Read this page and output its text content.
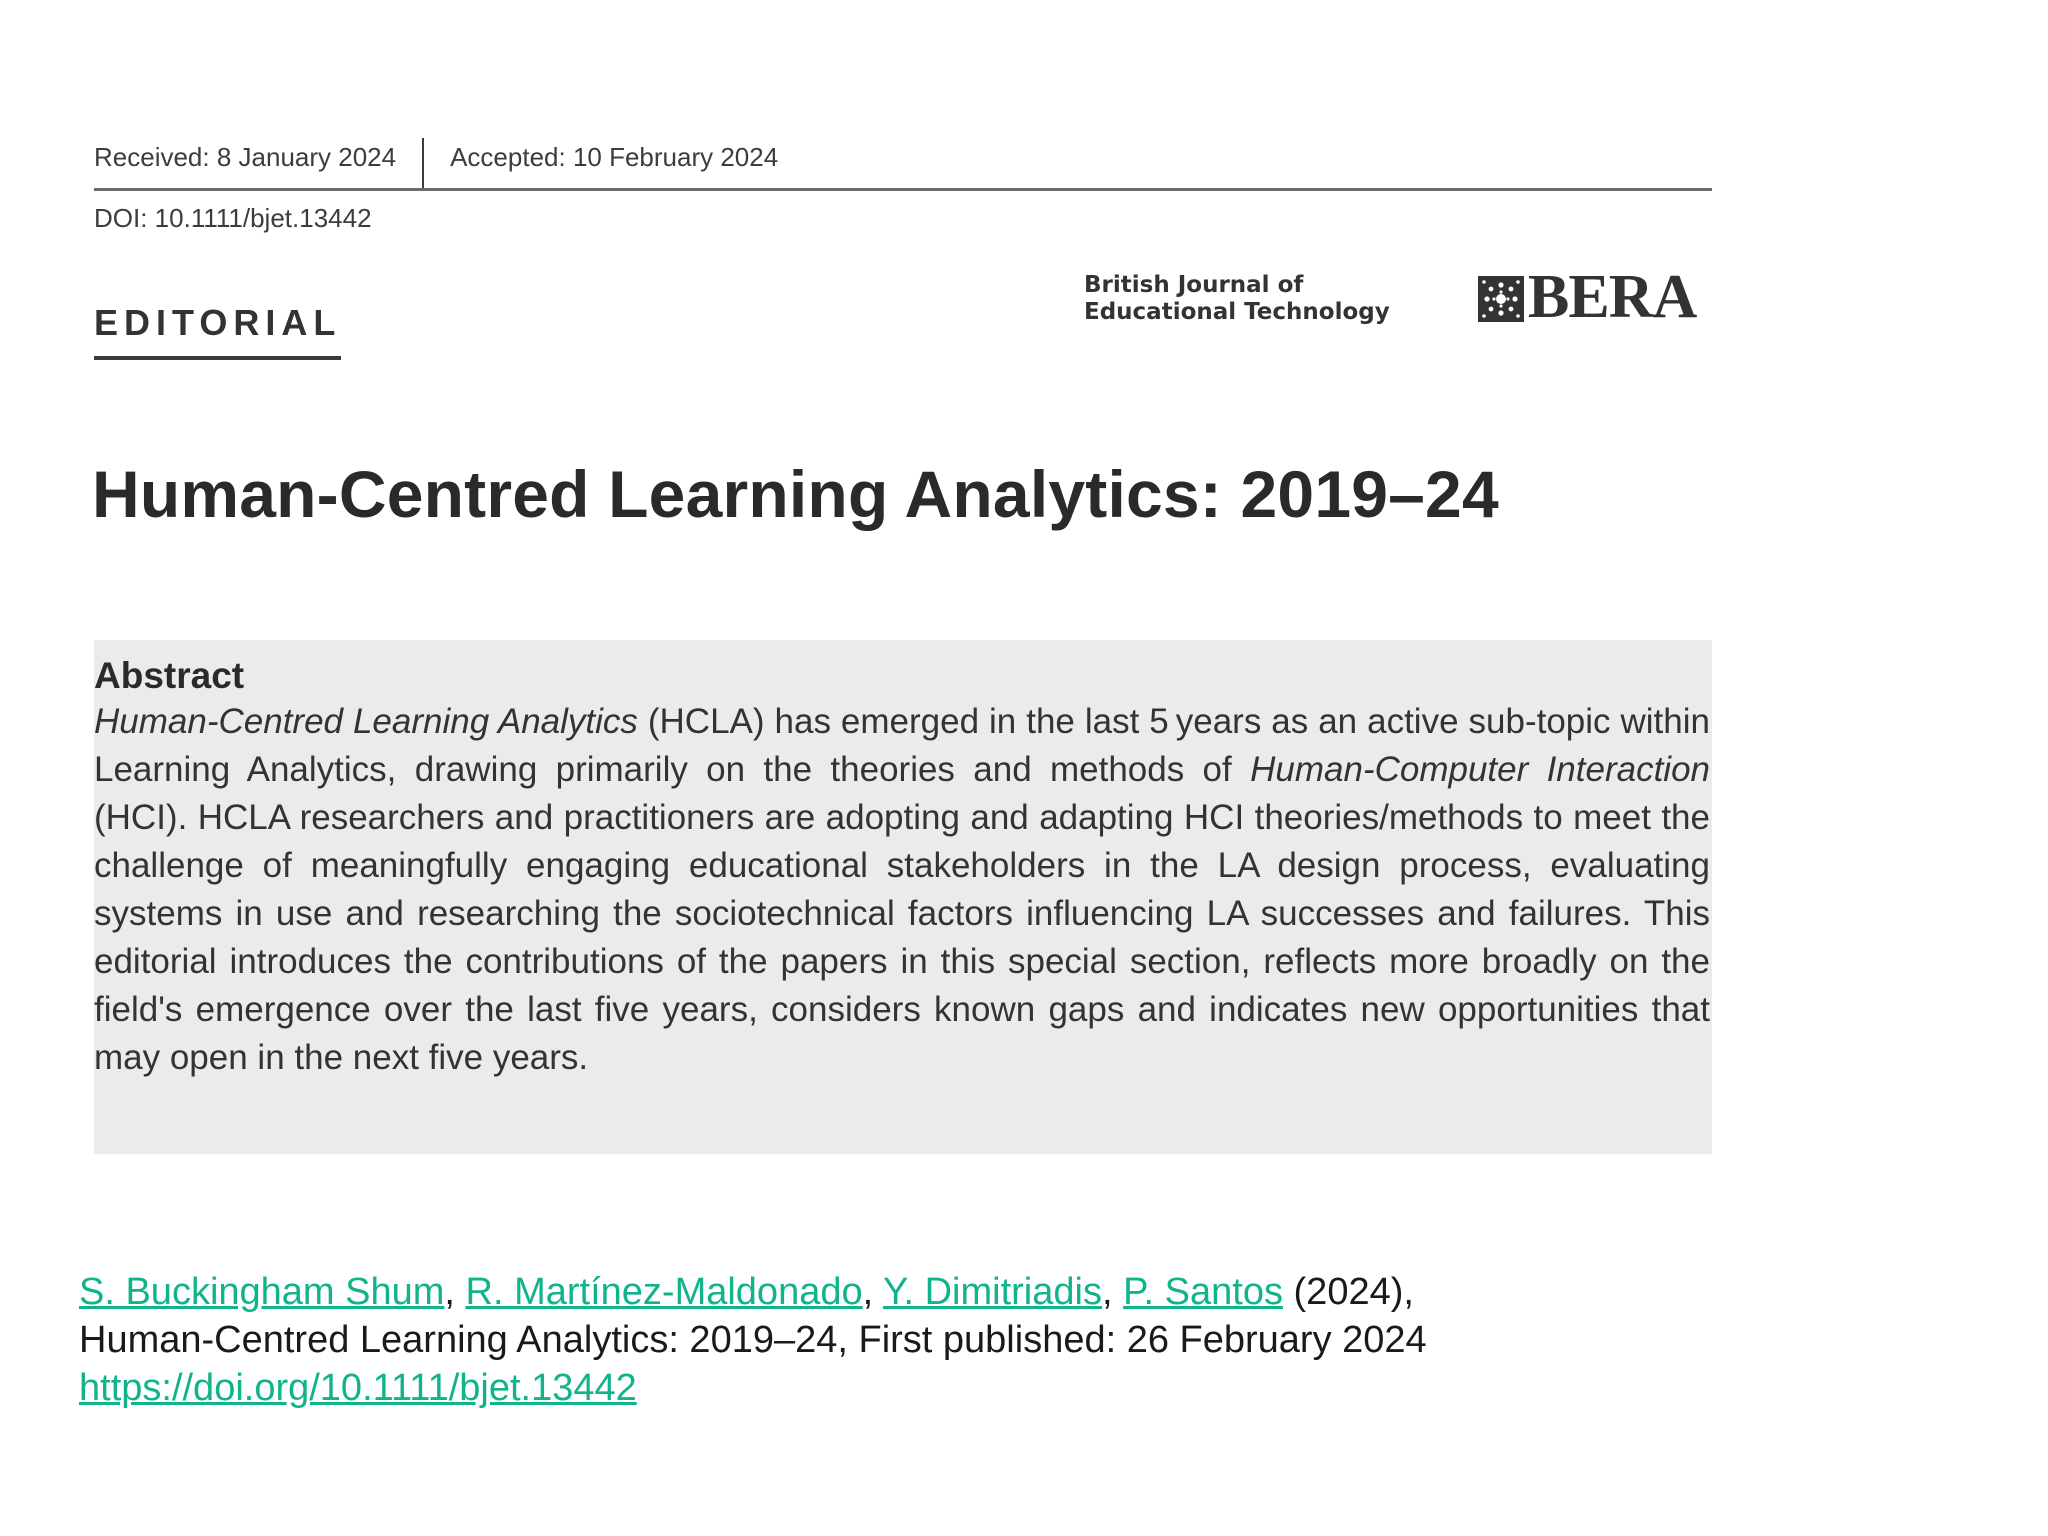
Received: 8 January 2024	Accepted: 10 February 2024
DOI: 10.1111/bjet.13442
EDITORIAL
British Journal of
Educational Technology	BERA
Human-Centred Learning Analytics: 2019–24
Abstract
Human-Centred Learning Analytics (HCLA) has emerged in the last 5 years as an active sub-topic within Learning Analytics, drawing primarily on the theories and methods of Human-Computer Interaction (HCI). HCLA researchers and practitioners are adopting and adapting HCI theories/methods to meet the challenge of meaningfully engaging educational stakeholders in the LA design process, evaluating systems in use and researching the sociotechnical factors influencing LA successes and failures. This editorial introduces the contributions of the papers in this special section, reflects more broadly on the field's emergence over the last five years, considers known gaps and indicates new opportunities that may open in the next five years.
S. Buckingham Shum, R. Martínez-Maldonado, Y. Dimitriadis, P. Santos (2024),
Human-Centred Learning Analytics: 2019–24, First published: 26 February 2024
https://doi.org/10.1111/bjet.13442
